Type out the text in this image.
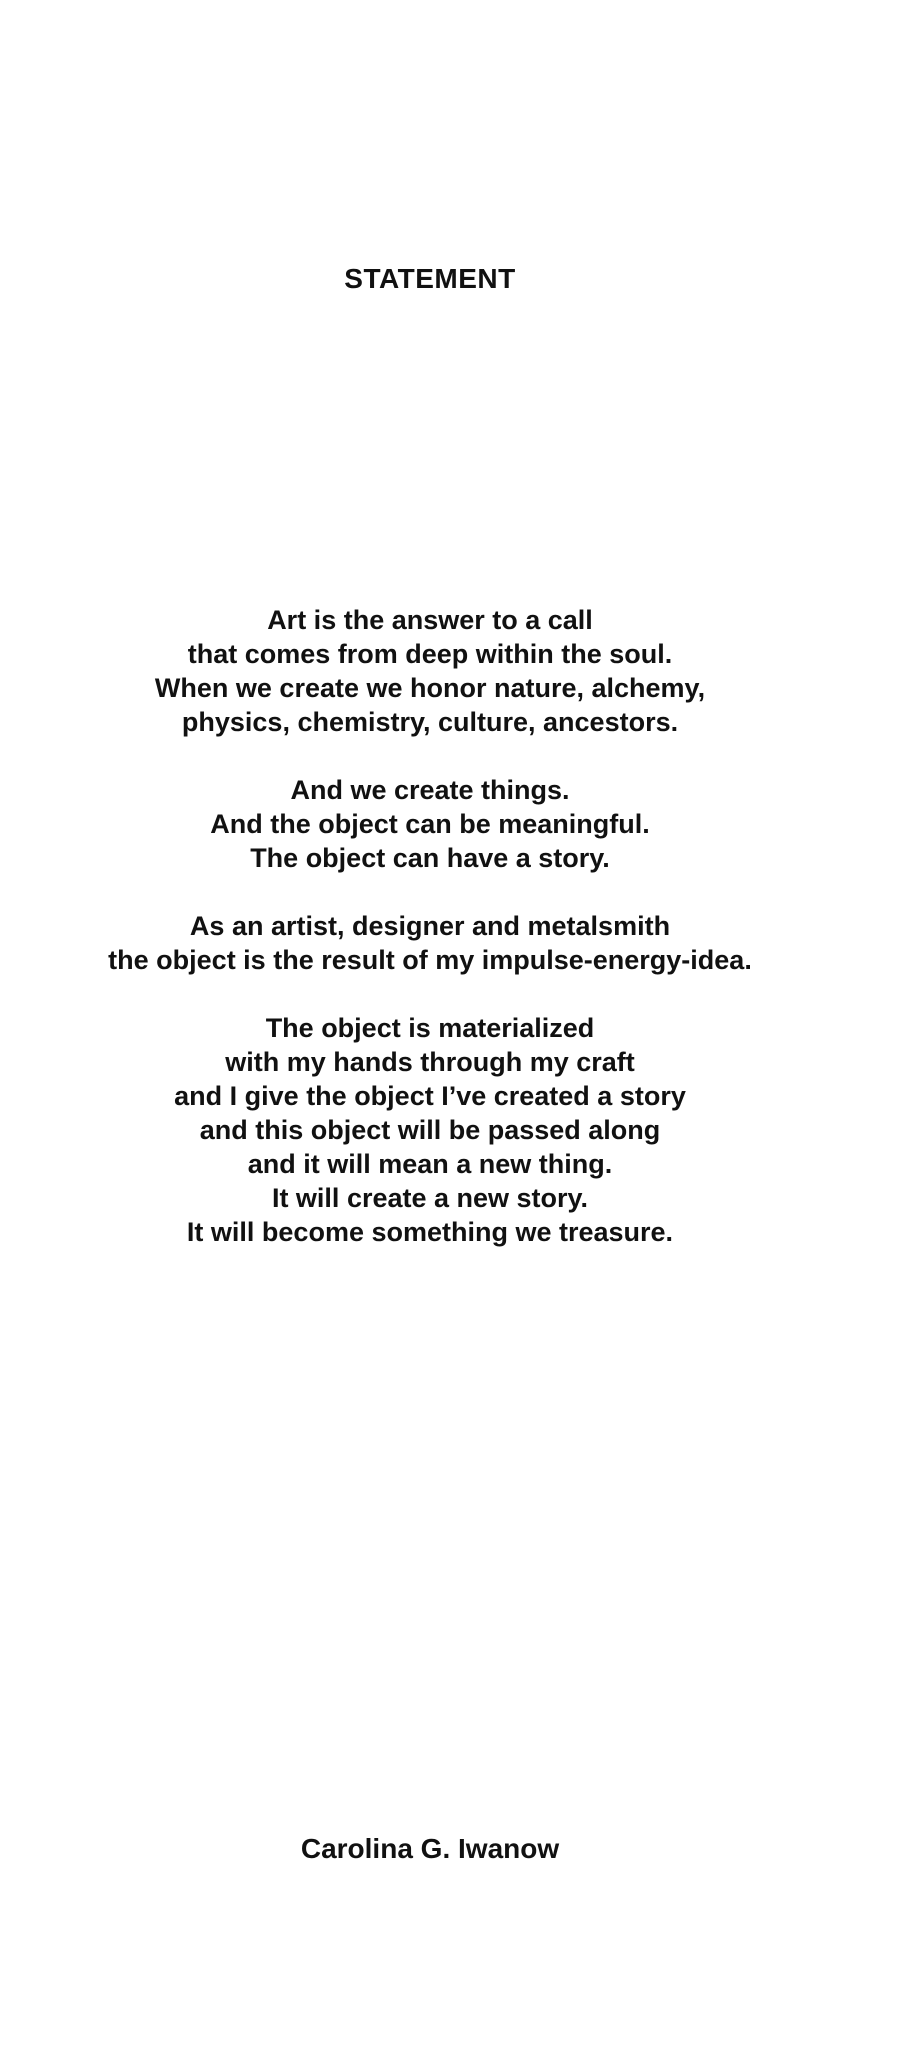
STATEMENT
Art is the answer to a call
that comes from deep within the soul.
When we create we honor nature, alchemy,
physics, chemistry, culture, ancestors.
And we create things.
And the object can be meaningful.
The object can have a story.
As an artist, designer and metalsmith
the object is the result of my impulse-energy-idea.
The object is materialized
with my hands through my craft
and I give the object I’ve created a story
and this object will be passed along
and it will mean a new thing.
It will create a new story.
It will become something we treasure.
Carolina G. Iwanow
